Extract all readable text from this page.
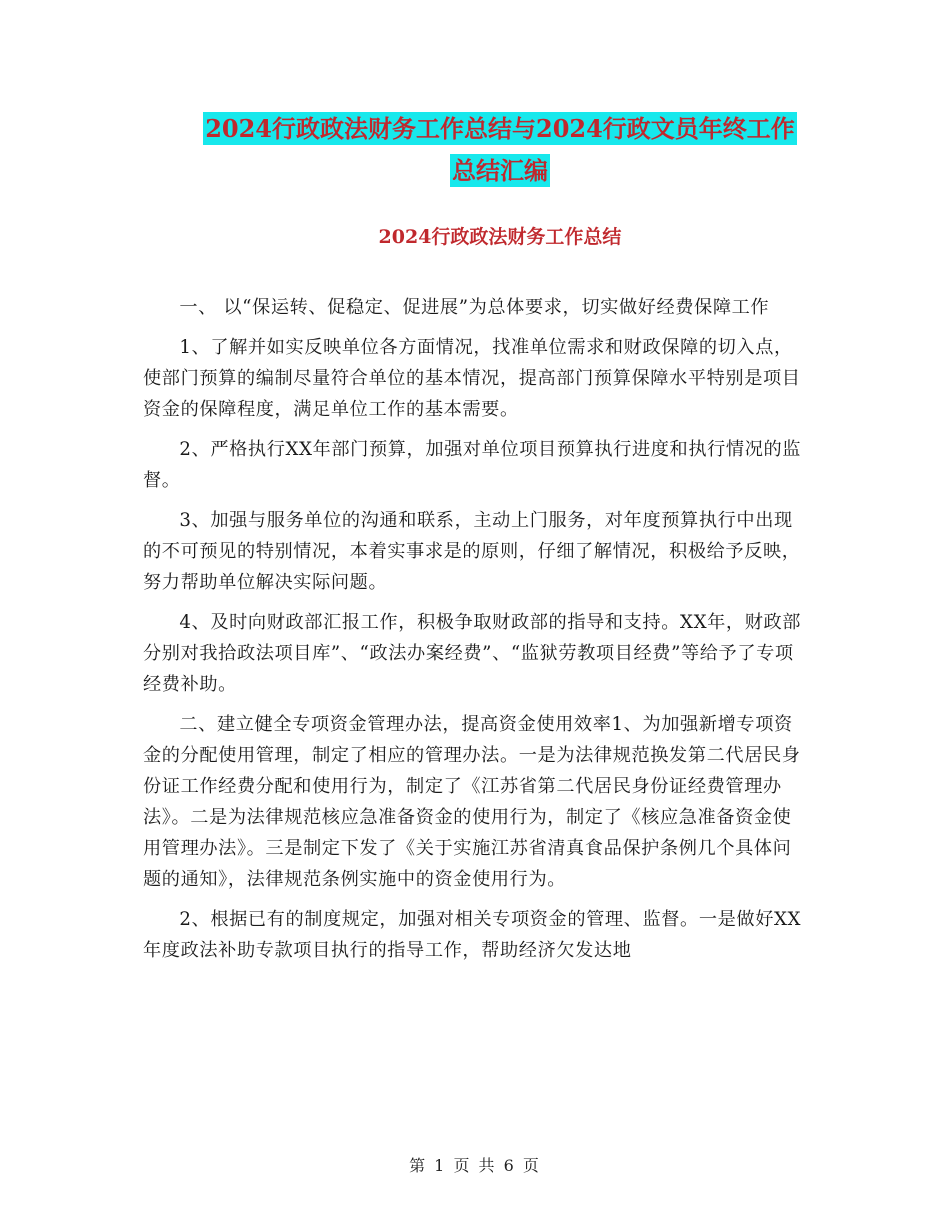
2024行政政法财务工作总结与2024行政文员年终工作
总结汇编
2024行政政法财务工作总结

一、 以“保运转、促稳定、促进展”为总体要求，切实做好经费保障工作

1、了解并如实反映单位各方面情况，找准单位需求和财政保障的切入点，使部门预算的编制尽量符合单位的基本情况，提高部门预算保障水平特别是项目资金的保障程度，满足单位工作的基本需要。

2、严格执行XX年部门预算，加强对单位项目预算执行进度和执行情况的监督。

3、加强与服务单位的沟通和联系，主动上门服务，对年度预算执行中出现的不可预见的特别情况，本着实事求是的原则，仔细了解情况，积极给予反映，努力帮助单位解决实际问题。

4、及时向财政部汇报工作，积极争取财政部的指导和支持。XX年，财政部分别对我拾政法项目库”、“政法办案经费”、“监狱劳教项目经费”等给予了专项经费补助。

二、建立健全专项资金管理办法，提高资金使用效率1、为加强新增专项资金的分配使用管理，制定了相应的管理办法。一是为法律规范换发第二代居民身份证工作经费分配和使用行为，制定了《江苏省第二代居民身份证经费管理办法》。二是为法律规范核应急准备资金的使用行为，制定了《核应急准备资金使用管理办法》。三是制定下发了《关于实施江苏省清真食品保护条例几个具体问题的通知》，法律规范条例实施中的资金使用行为。

2、根据已有的制度规定，加强对相关专项资金的管理、监督。一是做好XX年度政法补助专款项目执行的指导工作，帮助经济欠发达地

第 1 页 共 6 页
